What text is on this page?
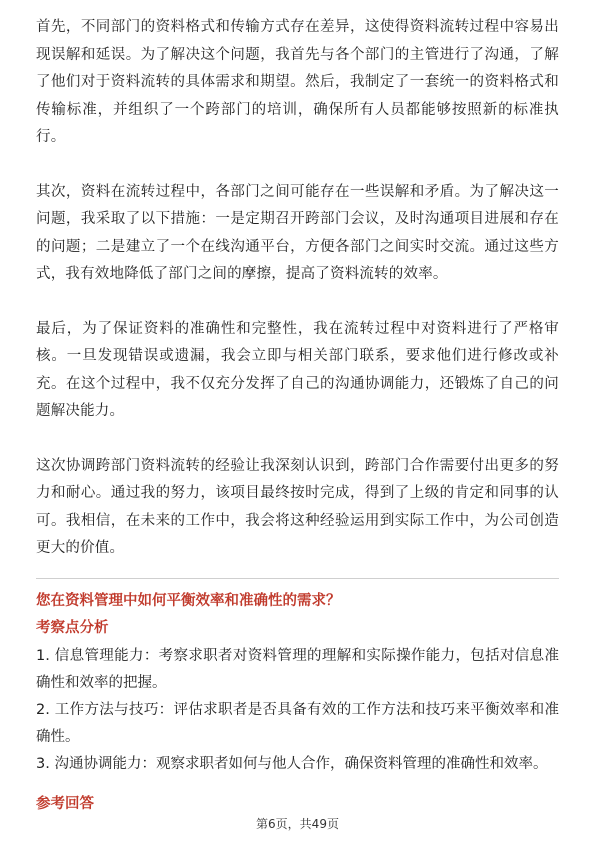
首先，不同部门的资料格式和传输方式存在差异，这使得资料流转过程中容易出现误解和延误。为了解决这个问题，我首先与各个部门的主管进行了沟通，了解了他们对于资料流转的具体需求和期望。然后，我制定了一套统一的资料格式和传输标准，并组织了一个跨部门的培训，确保所有人员都能够按照新的标准执行。

其次，资料在流转过程中，各部门之间可能存在一些误解和矛盾。为了解决这一问题，我采取了以下措施：一是定期召开跨部门会议，及时沟通项目进展和存在的问题；二是建立了一个在线沟通平台，方便各部门之间实时交流。通过这些方式，我有效地降低了部门之间的摩擦，提高了资料流转的效率。

最后，为了保证资料的准确性和完整性，我在流转过程中对资料进行了严格审核。一旦发现错误或遗漏，我会立即与相关部门联系，要求他们进行修改或补充。在这个过程中，我不仅充分发挥了自己的沟通协调能力，还锻炼了自己的问题解决能力。

这次协调跨部门资料流转的经验让我深刻认识到，跨部门合作需要付出更多的努力和耐心。通过我的努力，该项目最终按时完成，得到了上级的肯定和同事的认可。我相信，在未来的工作中，我会将这种经验运用到实际工作中，为公司创造更大的价值。

您在资料管理中如何平衡效率和准确性的需求？

考察点分析

1. 信息管理能力：考察求职者对资料管理的理解和实际操作能力，包括对信息准确性和效率的把握。

2. 工作方法与技巧：评估求职者是否具备有效的工作方法和技巧来平衡效率和准确性。

3. 沟通协调能力：观察求职者如何与他人合作，确保资料管理的准确性和效率。

参考回答

第6页，共49页
